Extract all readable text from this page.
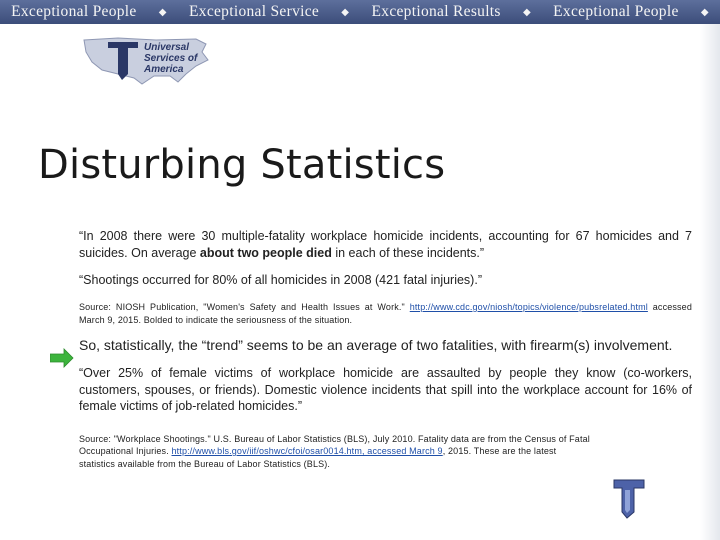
Exceptional People ◆ Exceptional Service ◆ Exceptional Results ◆ Exceptional People ◆
Universal
Services of
America
Disturbing Statistics

“In 2008 there were 30 multiple-fatality workplace homicide incidents, accounting for 67 homicides and 7 suicides. On average about two people died in each of these incidents.”

“Shootings occurred for 80% of all homicides in 2008 (421 fatal injuries).”

Source: NIOSH Publication, "Women's Safety and Health Issues at Work." http://www.cdc.gov/niosh/topics/violence/pubsrelated.html accessed March 9, 2015. Bolded to indicate the seriousness of the situation.

So, statistically, the “trend” seems to be an average of two fatalities, with firearm(s) involvement.

“Over 25% of female victims of workplace homicide are assaulted by people they know (co-workers, customers, spouses, or friends). Domestic violence incidents that spill into the workplace account for 16% of female victims of job-related homicides.”

Source: "Workplace Shootings." U.S. Bureau of Labor Statistics (BLS), July 2010. Fatality data are from the Census of Fatal Occupational Injuries. http://www.bls.gov/iif/oshwc/cfoi/osar0014.htm, accessed March 9, 2015. These are the latest statistics available from the Bureau of Labor Statistics (BLS).
